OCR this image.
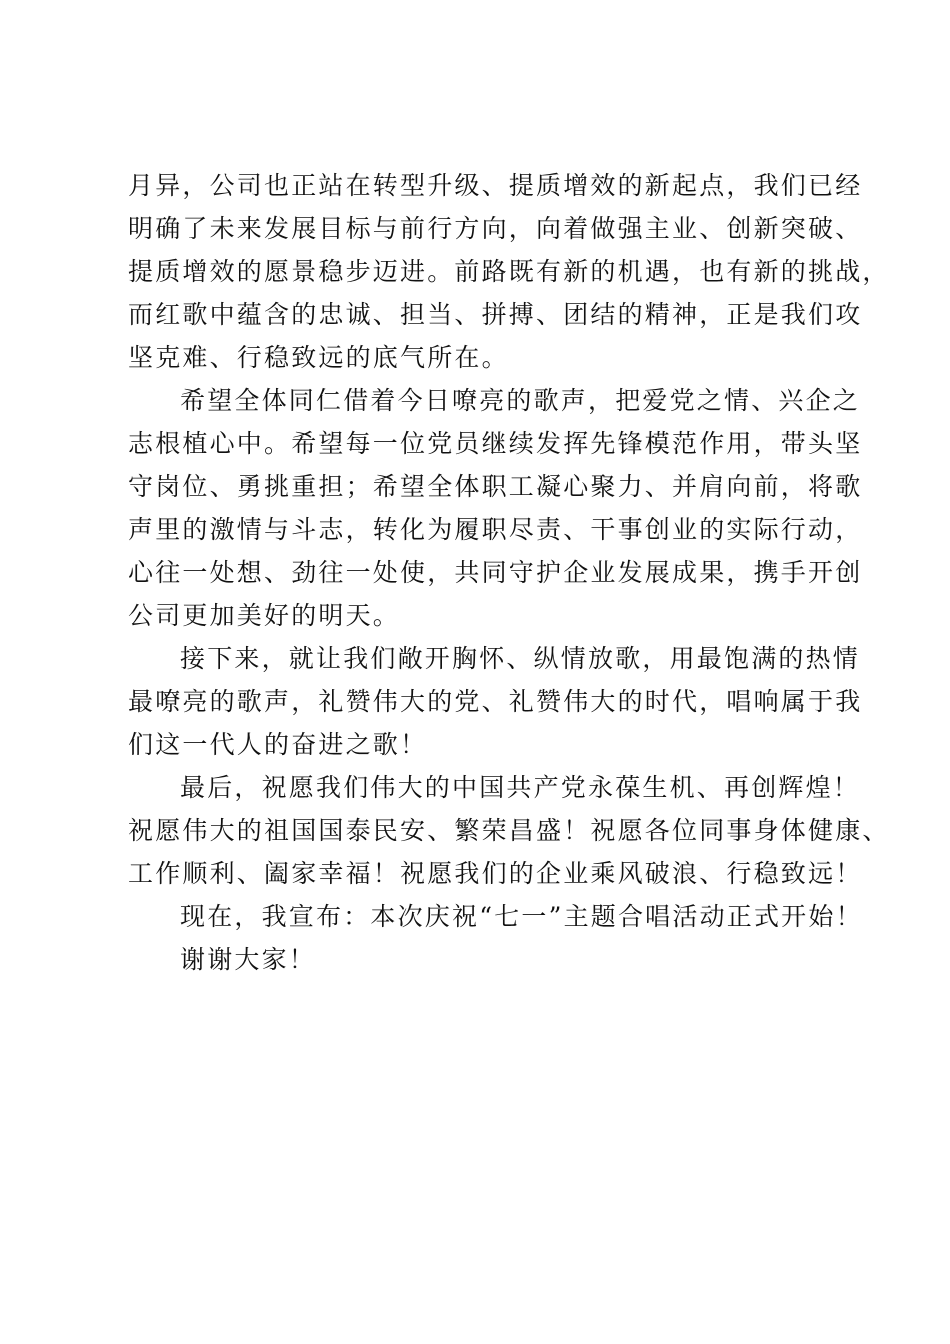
月异，公司也正站在转型升级、提质增效的新起点，我们已经
明确了未来发展目标与前行方向，向着做强主业、创新突破、
提质增效的愿景稳步迈进。前路既有新的机遇，也有新的挑战，
而红歌中蕴含的忠诚、担当、拼搏、团结的精神，正是我们攻
坚克难、行稳致远的底气所在。
希望全体同仁借着今日嘹亮的歌声，把爱党之情、兴企之
志根植心中。希望每一位党员继续发挥先锋模范作用，带头坚
守岗位、勇挑重担；希望全体职工凝心聚力、并肩向前，将歌
声里的激情与斗志，转化为履职尽责、干事创业的实际行动，
心往一处想、劲往一处使，共同守护企业发展成果，携手开创
公司更加美好的明天。
接下来，就让我们敞开胸怀、纵情放歌，用最饱满的热情
最嘹亮的歌声，礼赞伟大的党、礼赞伟大的时代，唱响属于我
们这一代人的奋进之歌！
最后，祝愿我们伟大的中国共产党永葆生机、再创辉煌！
祝愿伟大的祖国国泰民安、繁荣昌盛！祝愿各位同事身体健康、
工作顺利、阖家幸福！祝愿我们的企业乘风破浪、行稳致远！
现在，我宣布：本次庆祝“七一”主题合唱活动正式开始！
谢谢大家！
